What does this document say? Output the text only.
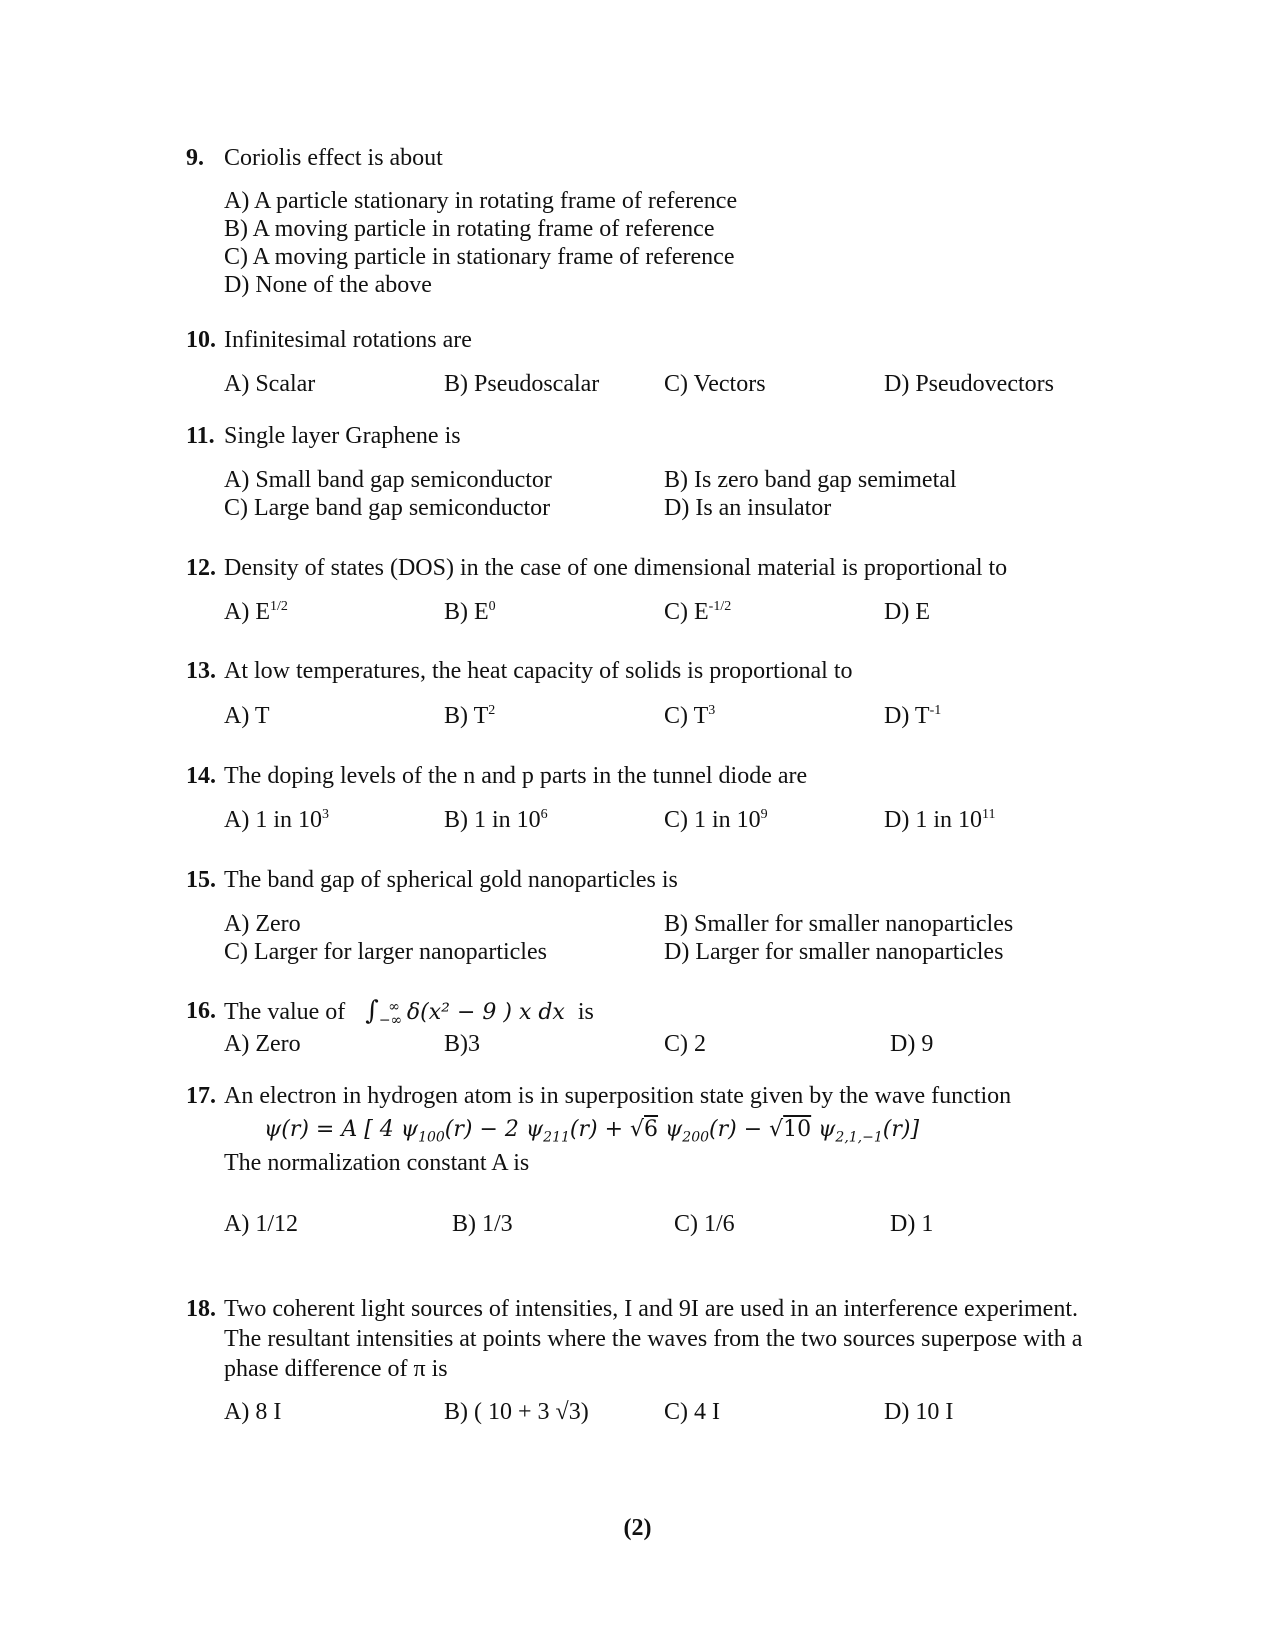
9. Coriolis effect is about
A) A particle stationary in rotating frame of reference
B) A moving particle in rotating frame of reference
C) A moving particle in stationary frame of reference
D) None of the above
10. Infinitesimal rotations are
A) Scalar	B) Pseudoscalar	C) Vectors	D) Pseudovectors
11. Single layer Graphene is
A) Small band gap semiconductor	B) Is zero band gap semimetal
C) Large band gap semiconductor	D) Is an insulator
12. Density of states (DOS) in the case of one dimensional material is proportional to
A) $E^{1/2}$	B) $E^0$	C) $E^{-1/2}$	D) E
13. At low temperatures, the heat capacity of solids is proportional to
A) T	B) $T^2$	C) $T^3$	D) $T^{-1}$
14. The doping levels of the n and p parts in the tunnel diode are
A) 1 in $10^3$	B) 1 in $10^6$	C) 1 in $10^9$	D) 1 in $10^{11}$
15. The band gap of spherical gold nanoparticles is
A) Zero	B) Smaller for smaller nanoparticles
C) Larger for larger nanoparticles	D) Larger for smaller nanoparticles
16. The value of $\int_{-\infty}^\infty$ δ(x² − 9 ) x dx is
A) Zero	B)3	C) 2	D) 9
17. An electron in hydrogen atom is in superposition state given by the wave function
ψ(r) = A [ 4 $\psi_{100}(r) - 2$ $\psi_{211}(r) + √6$ $\psi_{200}(r) - √10$ $\psi_{2,1,-1}(r)$]
The normalization constant A is
A) 1/12	B) 1/3	C) 1/6	D) 1
18. Two coherent light sources of intensities, I and 9I are used in an interference experiment.
The resultant intensities at points where the waves from the two sources superpose with a
phase difference of π is
A) 8 I	B) ( 10 + 3 √3)	C) 4 I	D) 10 I
(2)
